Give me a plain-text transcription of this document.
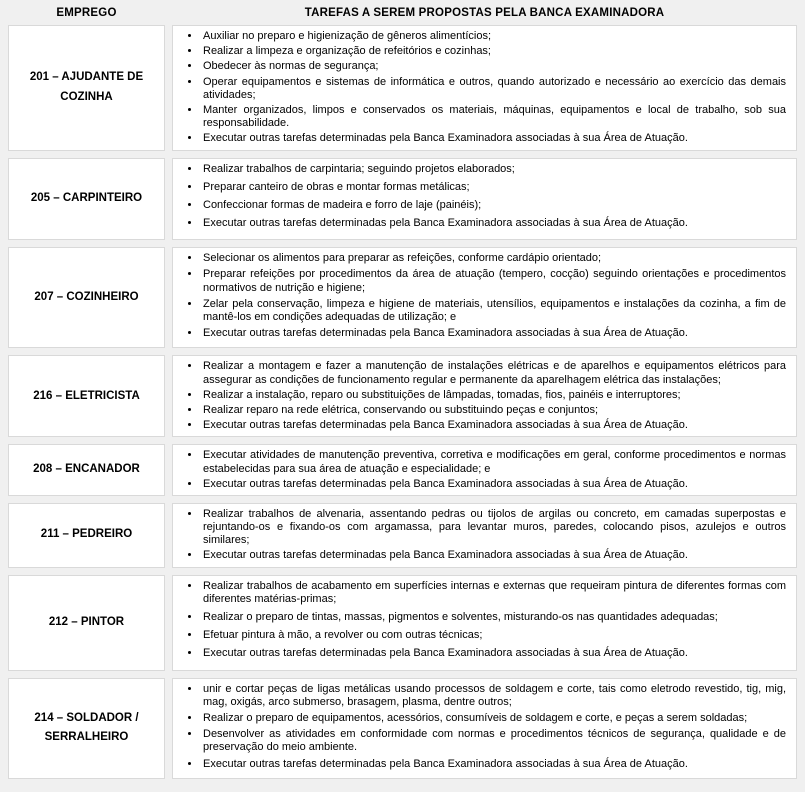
EMPREGO	TAREFAS A SEREM PROPOSTAS PELA BANCA EXAMINADORA
201 – AJUDANTE DE COZINHA
• Auxiliar no preparo e higienização de gêneros alimentícios;
• Realizar a limpeza e organização de refeitórios e cozinhas;
• Obedecer às normas de segurança;
• Operar equipamentos e sistemas de informática e outros, quando autorizado e necessário ao exercício das demais atividades;
• Manter organizados, limpos e conservados os materiais, máquinas, equipamentos e local de trabalho, sob sua responsabilidade.
• Executar outras tarefas determinadas pela Banca Examinadora associadas à sua Área de Atuação.
205 – CARPINTEIRO
• Realizar trabalhos de carpintaria; seguindo projetos elaborados;
• Preparar canteiro de obras e montar formas metálicas;
• Confeccionar formas de madeira e forro de laje (painéis);
• Executar outras tarefas determinadas pela Banca Examinadora associadas à sua Área de Atuação.
207 – COZINHEIRO
• Selecionar os alimentos para preparar as refeições, conforme cardápio orientado;
• Preparar refeições por procedimentos da área de atuação (tempero, cocção) seguindo orientações e procedimentos normativos de nutrição e higiene;
• Zelar pela conservação, limpeza e higiene de materiais, utensílios, equipamentos e instalações da cozinha, a fim de mantê-los em condições adequadas de utilização; e
• Executar outras tarefas determinadas pela Banca Examinadora associadas à sua Área de Atuação.
216 – ELETRICISTA
• Realizar a montagem e fazer a manutenção de instalações elétricas e de aparelhos e equipamentos elétricos para assegurar as condições de funcionamento regular e permanente da aparelhagem elétrica das instalações;
• Realizar a instalação, reparo ou substituições de lâmpadas, tomadas, fios, painéis e interruptores;
• Realizar reparo na rede elétrica, conservando ou substituindo peças e conjuntos;
• Executar outras tarefas determinadas pela Banca Examinadora associadas à sua Área de Atuação.
208 – ENCANADOR
• Executar atividades de manutenção preventiva, corretiva e modificações em geral, conforme procedimentos e normas estabelecidas para sua área de atuação e especialidade; e
• Executar outras tarefas determinadas pela Banca Examinadora associadas à sua Área de Atuação.
211 – PEDREIRO
• Realizar trabalhos de alvenaria, assentando pedras ou tijolos de argilas ou concreto, em camadas superpostas e rejuntando-os e fixando-os com argamassa, para levantar muros, paredes, colocando pisos, azulejos e outros similares;
• Executar outras tarefas determinadas pela Banca Examinadora associadas à sua Área de Atuação.
212 – PINTOR
• Realizar trabalhos de acabamento em superfícies internas e externas que requeiram pintura de diferentes formas com diferentes matérias-primas;
• Realizar o preparo de tintas, massas, pigmentos e solventes, misturando-os nas quantidades adequadas;
• Efetuar pintura à mão, a revolver ou com outras técnicas;
• Executar outras tarefas determinadas pela Banca Examinadora associadas à sua Área de Atuação.
214 – SOLDADOR / SERRALHEIRO
• unir e cortar peças de ligas metálicas usando processos de soldagem e corte, tais como eletrodo revestido, tig, mig, mag, oxigás, arco submerso, brasagem, plasma, dentre outros;
• Realizar o preparo de equipamentos, acessórios, consumíveis de soldagem e corte, e peças a serem soldadas;
• Desenvolver as atividades em conformidade com normas e procedimentos técnicos de segurança, qualidade e de preservação do meio ambiente.
• Executar outras tarefas determinadas pela Banca Examinadora associadas à sua Área de Atuação.
